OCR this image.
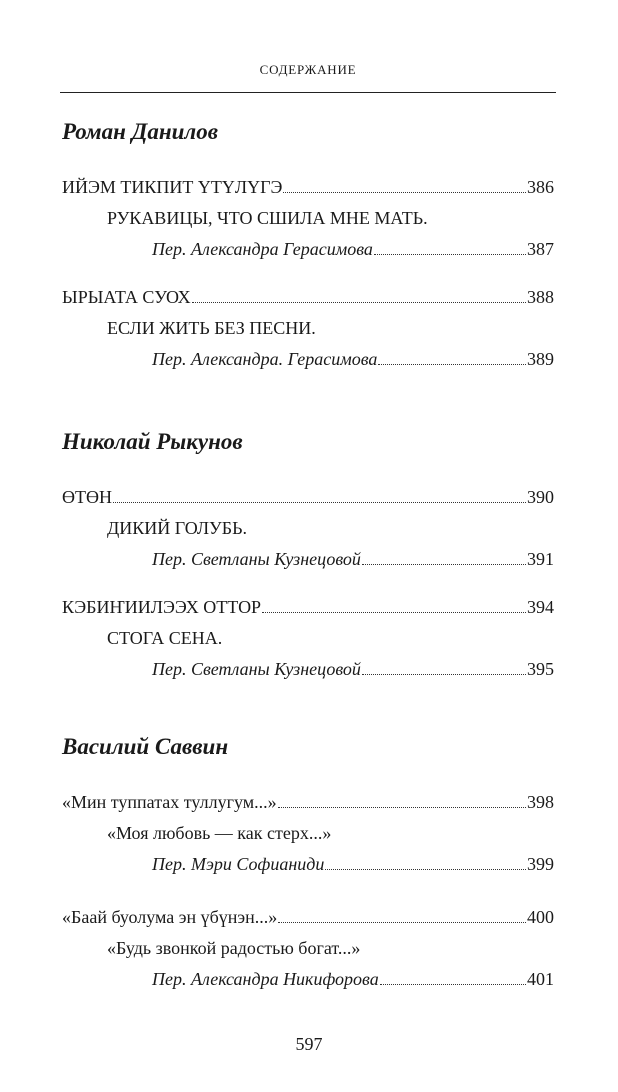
СОДЕРЖАНИЕ
Роман Данилов
ИЙЭМ ТИКПИТ ҮТҮЛҮГЭ	386
РУКАВИЦЫ, ЧТО СШИЛА МНЕ МАТЬ.
Пер. Александра Герасимова	387
ЫРЫАТА СУОХ	388
ЕСЛИ ЖИТЬ БЕЗ ПЕСНИ.
Пер. Александра. Герасимова	389
Николай Рыкунов
ӨТӨН	390
ДИКИЙ ГОЛУБЬ.
Пер. Светланы Кузнецовой	391
КЭБИҤИИЛЭЭХ ОТТОР	394
СТОГА СЕНА.
Пер. Светланы Кузнецовой	395
Василий Саввин
«Мин туппатах туллугум...»	398
«Моя любовь — как стерх...»
Пер. Мэри Софианиди	399
«Баай буолума эн үбүнэн...»	400
«Будь звонкой радостью богат...»
Пер. Александра Никифорова	401
597
